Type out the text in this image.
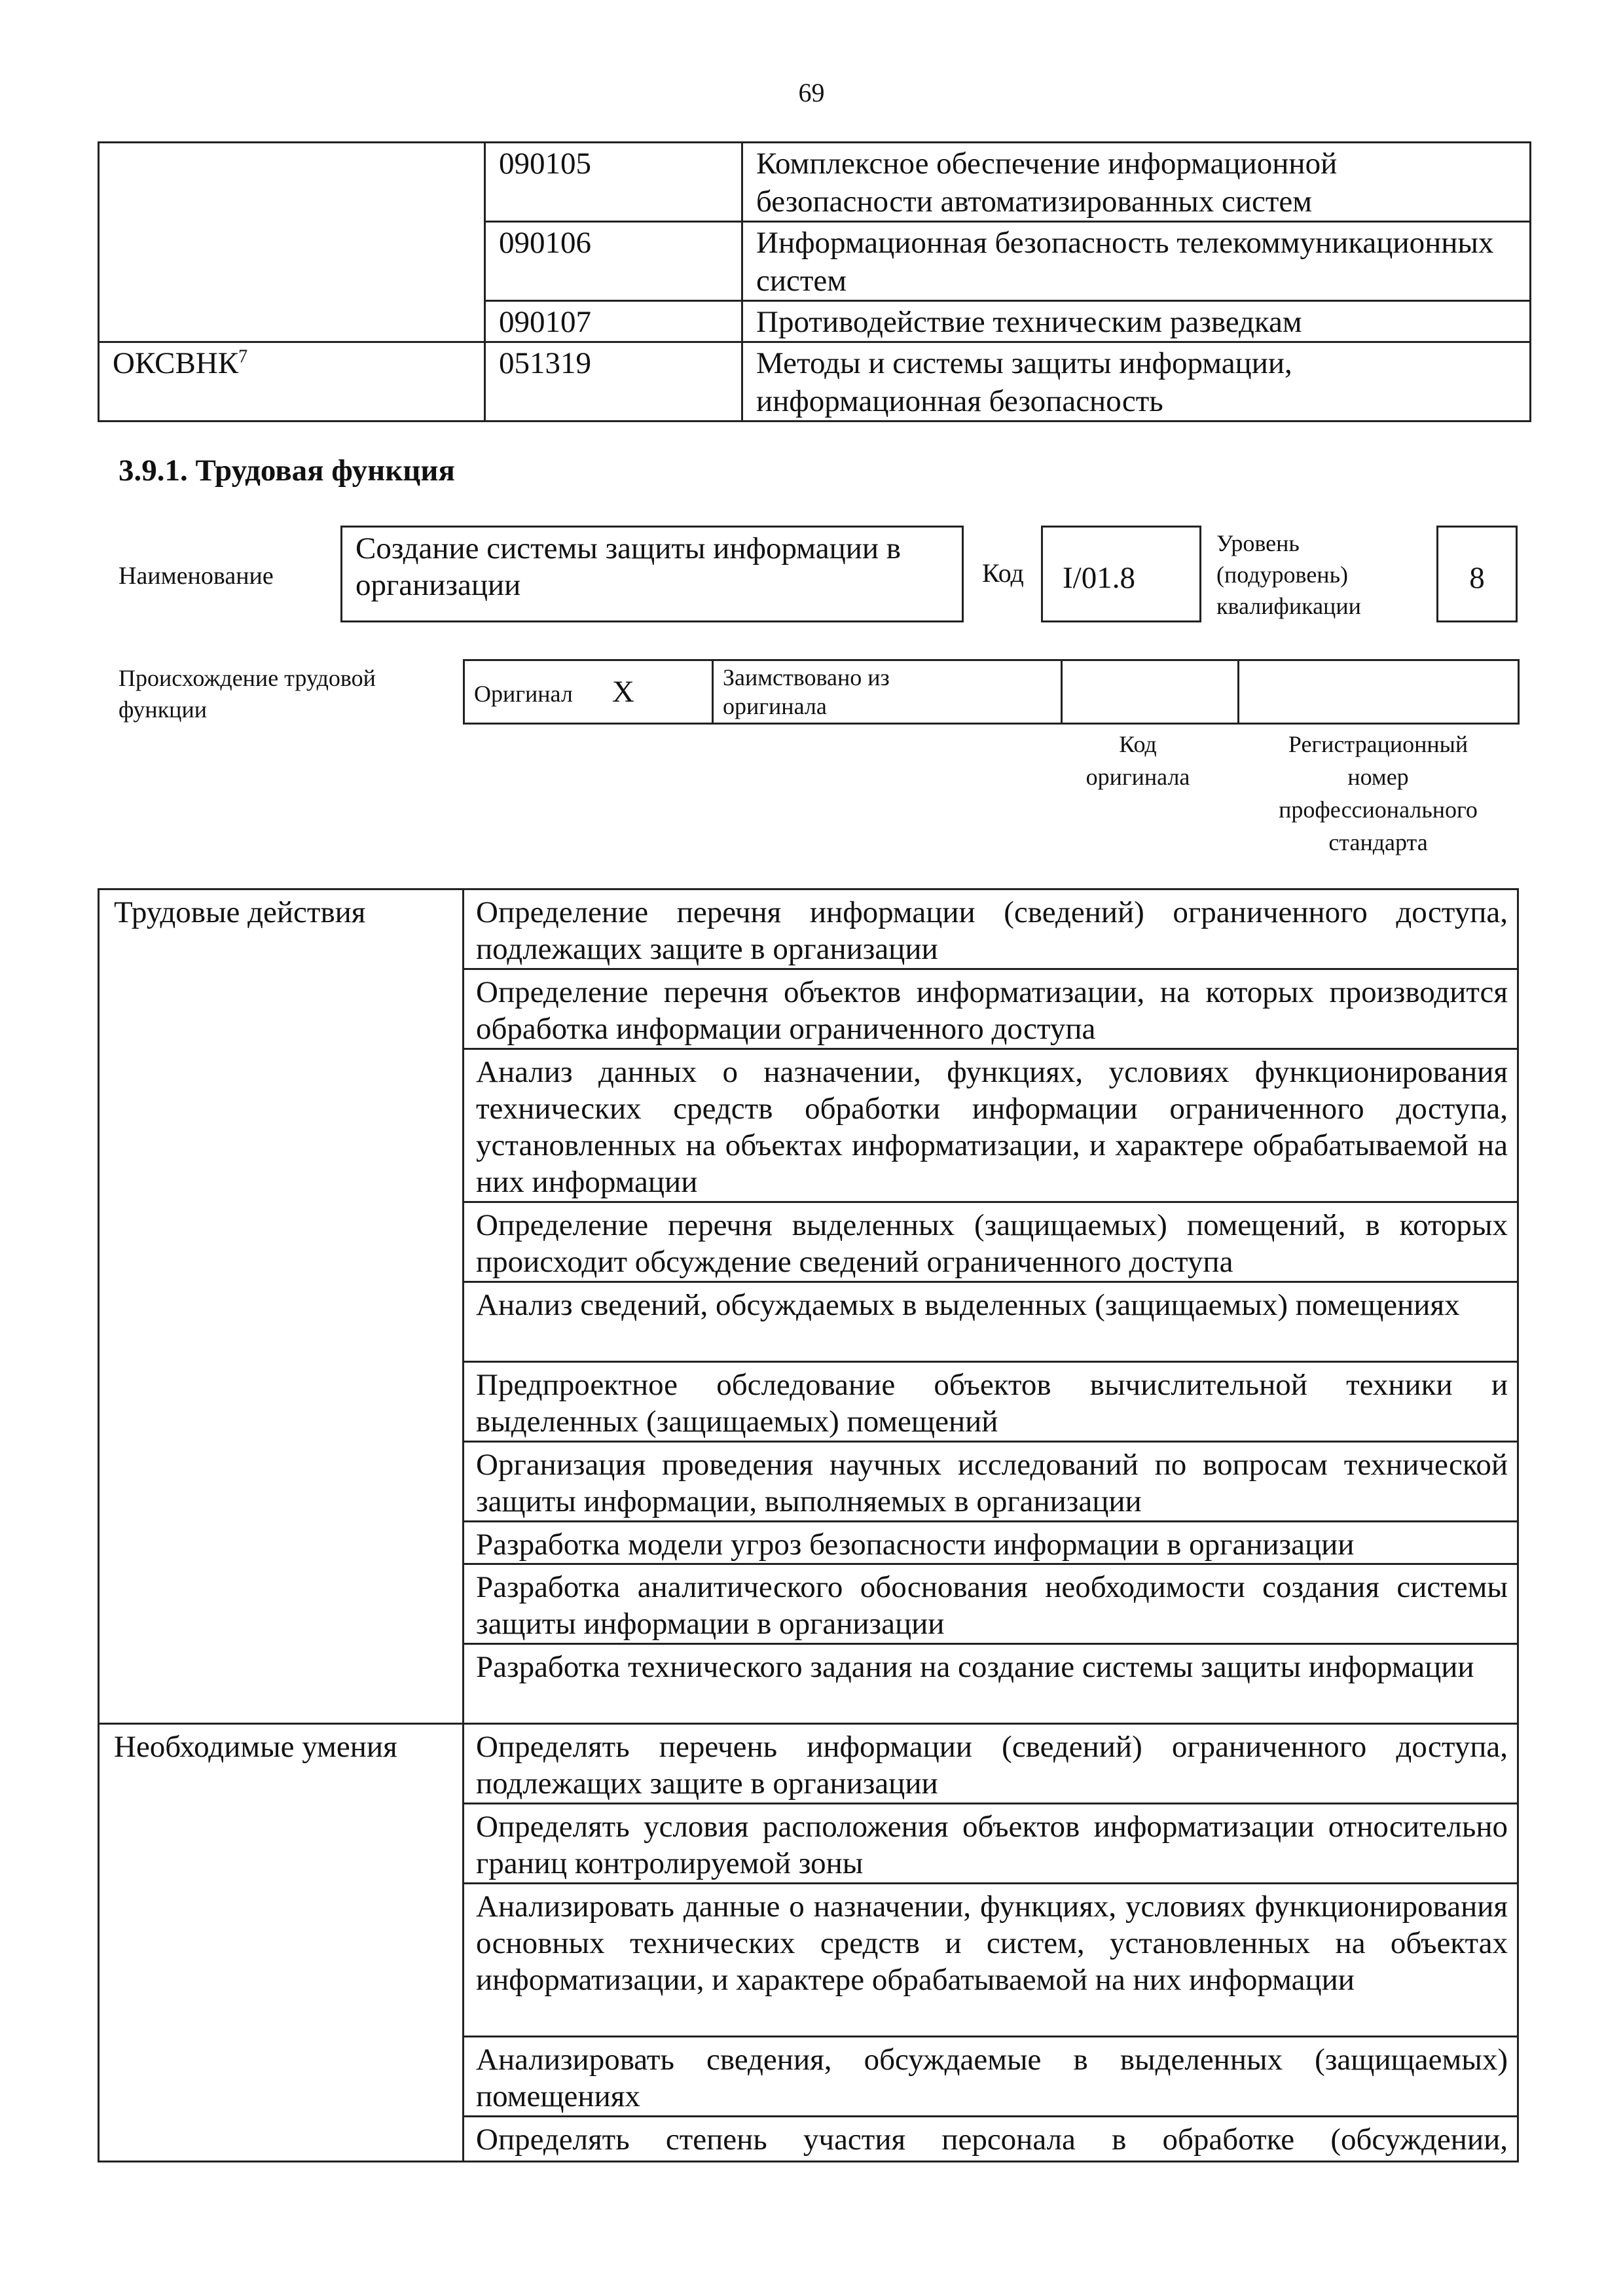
69
	090105	Комплексное обеспечение информационной безопасности автоматизированных систем
	090106	Информационная безопасность телекоммуникационных систем
	090107	Противодействие техническим разведкам
ОКСВНК$^7$	051319	Методы и системы защиты информации, информационная безопасность
3.9.1. Трудовая функция
Наименование
Создание системы защиты информации в организации	Код	I/01.8
Уровень
(подуровень)
квалификации
8
Происхождение трудовой
функции
Оригинал X	Заимствовано из
оригинала

Код
оригинала
Регистрационный
номер
профессионального
стандарта
Трудовые действия	Определение перечня информации (сведений) ограниченного доступа, подлежащих защите в организации
	Определение перечня объектов информатизации, на которых производится обработка информации ограниченного доступа
	Анализ данных о назначении, функциях, условиях функционирования технических средств обработки информации ограниченного доступа, установленных на объектах информатизации, и характере обрабатываемой на них информации
	Определение перечня выделенных (защищаемых) помещений, в которых происходит обсуждение сведений ограниченного доступа
	Анализ сведений, обсуждаемых в выделенных (защищаемых) помещениях
	Предпроектное обследование объектов вычислительной техники и выделенных (защищаемых) помещений
	Организация проведения научных исследований по вопросам технической защиты информации, выполняемых в организации
	Разработка модели угроз безопасности информации в организации
	Разработка аналитического обоснования необходимости создания системы защиты информации в организации
	Разработка технического задания на создание системы защиты информации
Необходимые умения	Определять перечень информации (сведений) ограниченного доступа, подлежащих защите в организации
	Определять условия расположения объектов информатизации относительно границ контролируемой зоны
	Анализировать данные о назначении, функциях, условиях функционирования основных технических средств и систем, установленных на объектах информатизации, и характере обрабатываемой на них информации
	Анализировать сведения, обсуждаемые в выделенных (защищаемых) помещениях

	Определять степень участия персонала в обработке (обсуждении,
